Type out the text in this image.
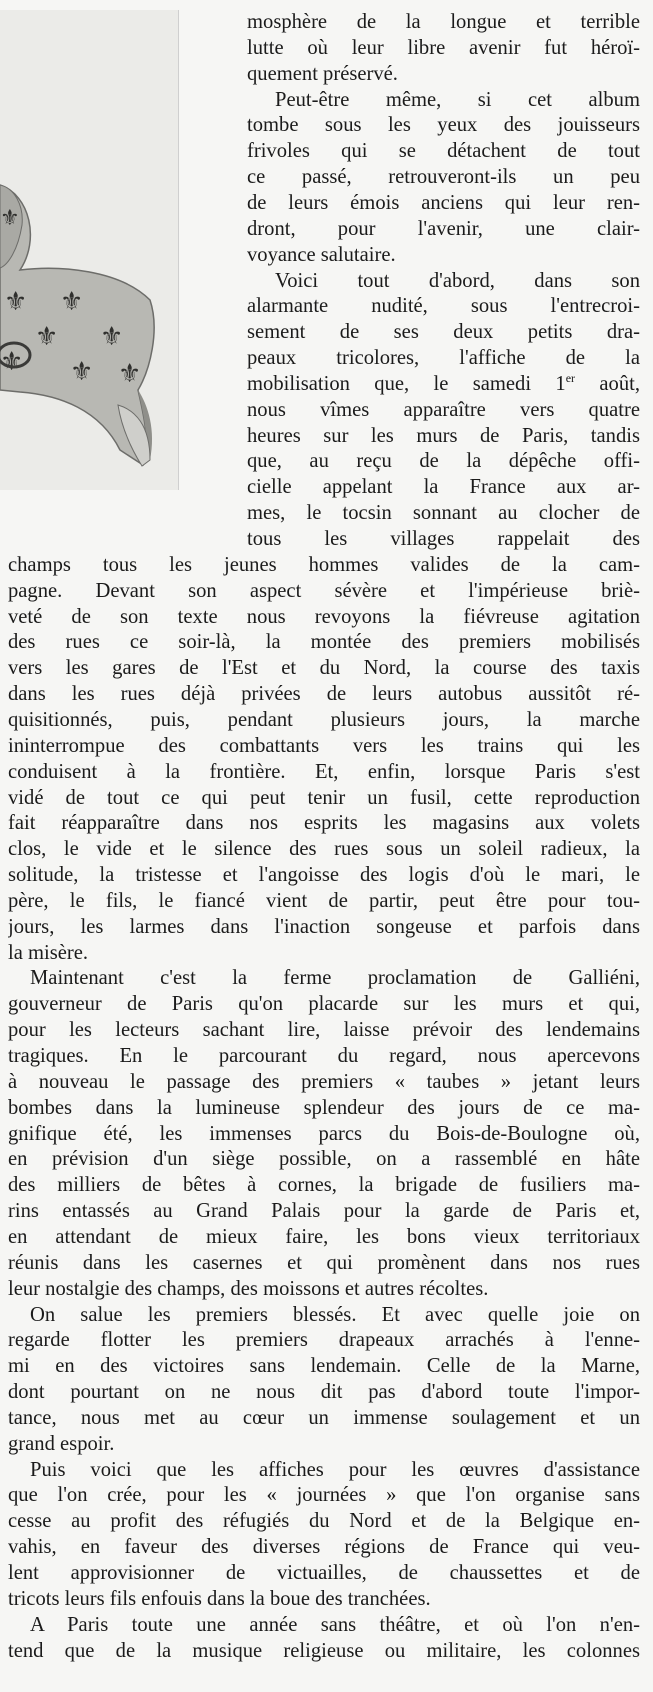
⚜
⚜
⚜
⚜ ⚜
⚜
⚜
⚜
mosphère de la longue et terrible
lutte où leur libre avenir fut héroï-
quement préservé.
Peut-être même, si cet album
tombe sous les yeux des jouisseurs
frivoles qui se détachent de tout
ce passé, retrouveront-ils un peu
de leurs émois anciens qui leur ren-
dront, pour l'avenir, une clair-
voyance salutaire.
Voici tout d'abord, dans son
alarmante nudité, sous l'entrecroi-
sement de ses deux petits dra-
peaux tricolores, l'affiche de la
mobilisation que, le samedi 1er août,
nous vîmes apparaître vers quatre
heures sur les murs de Paris, tandis
que, au reçu de la dépêche offi-
cielle appelant la France aux ar-
mes, le tocsin sonnant au clocher de
tous les villages rappelait des
champs tous les jeunes hommes valides de la cam-
pagne. Devant son aspect sévère et l'impérieuse briè-
veté de son texte nous revoyons la fiévreuse agitation
des rues ce soir-là, la montée des premiers mobilisés
vers les gares de l'Est et du Nord, la course des taxis
dans les rues déjà privées de leurs autobus aussitôt ré-
quisitionnés, puis, pendant plusieurs jours, la marche
ininterrompue des combattants vers les trains qui les
conduisent à la frontière. Et, enfin, lorsque Paris s'est
vidé de tout ce qui peut tenir un fusil, cette reproduction
fait réapparaître dans nos esprits les magasins aux volets
clos, le vide et le silence des rues sous un soleil radieux, la
solitude, la tristesse et l'angoisse des logis d'où le mari, le
père, le fils, le fiancé vient de partir, peut être pour tou-
jours, les larmes dans l'inaction songeuse et parfois dans
la misère.
Maintenant c'est la ferme proclamation de Galliéni,
gouverneur de Paris qu'on placarde sur les murs et qui,
pour les lecteurs sachant lire, laisse prévoir des lendemains
tragiques. En le parcourant du regard, nous apercevons
à nouveau le passage des premiers « taubes » jetant leurs
bombes dans la lumineuse splendeur des jours de ce ma-
gnifique été, les immenses parcs du Bois-de-Boulogne où,
en prévision d'un siège possible, on a rassemblé en hâte
des milliers de bêtes à cornes, la brigade de fusiliers ma-
rins entassés au Grand Palais pour la garde de Paris et,
en attendant de mieux faire, les bons vieux territoriaux
réunis dans les casernes et qui promènent dans nos rues
leur nostalgie des champs, des moissons et autres récoltes.
On salue les premiers blessés. Et avec quelle joie on
regarde flotter les premiers drapeaux arrachés à l'enne-
mi en des victoires sans lendemain. Celle de la Marne,
dont pourtant on ne nous dit pas d'abord toute l'impor-
tance, nous met au cœur un immense soulagement et un
grand espoir.
Puis voici que les affiches pour les œuvres d'assistance
que l'on crée, pour les « journées » que l'on organise sans
cesse au profit des réfugiés du Nord et de la Belgique en-
vahis, en faveur des diverses régions de France qui veu-
lent approvisionner de victuailles, de chaussettes et de
tricots leurs fils enfouis dans la boue des tranchées.
A Paris toute une année sans théâtre, et où l'on n'en-
tend que de la musique religieuse ou militaire, les colonnes
